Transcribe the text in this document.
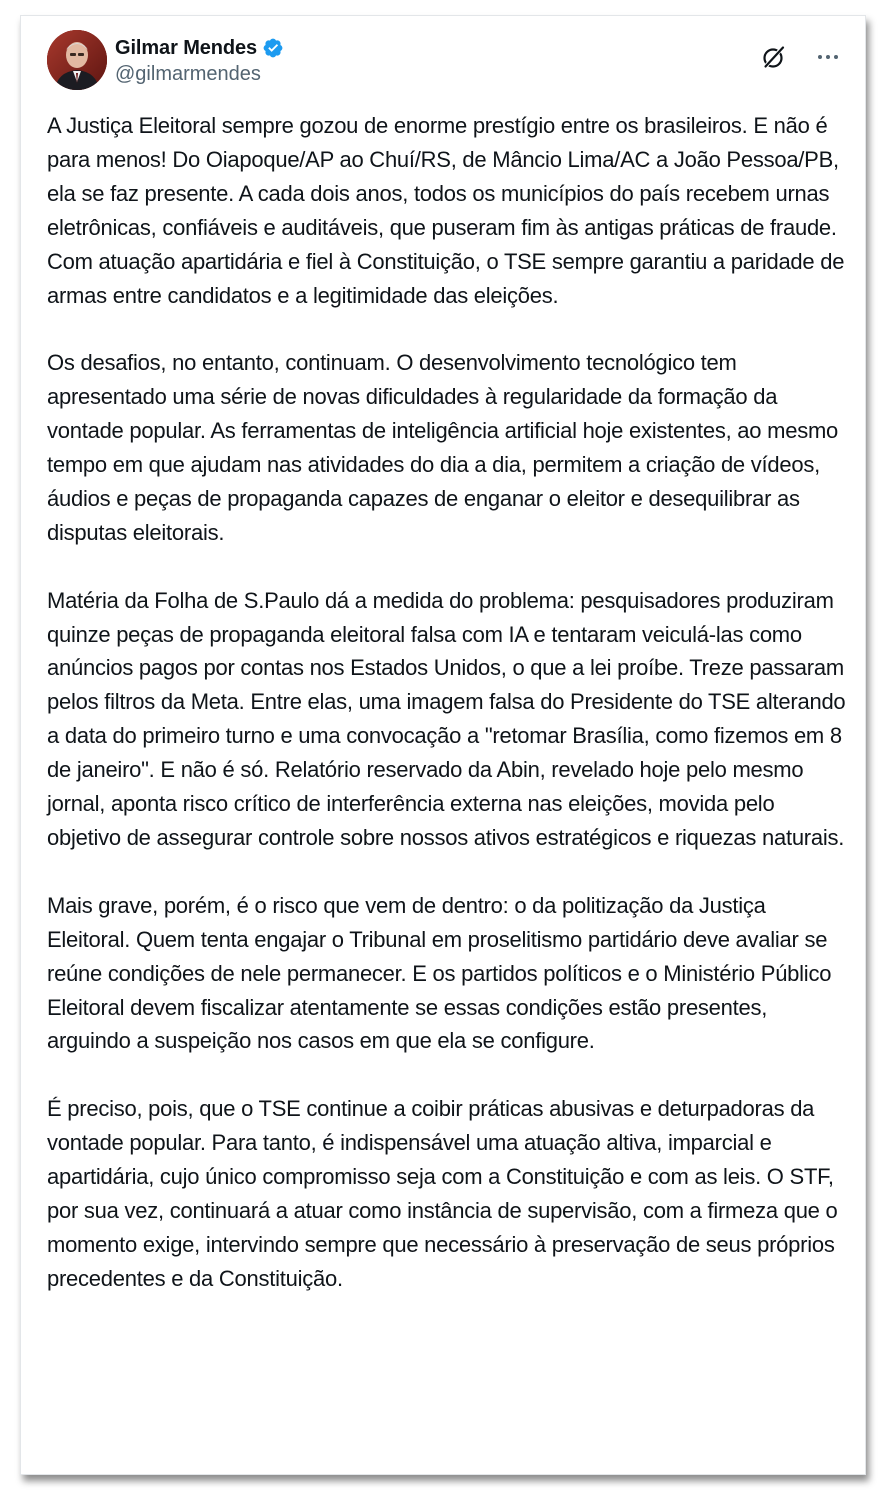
Gilmar Mendes
@gilmarmendes

A Justiça Eleitoral sempre gozou de enorme prestígio entre os brasileiros. E não é para menos! Do Oiapoque/AP ao Chuí/RS, de Mâncio Lima/AC a João Pessoa/PB, ela se faz presente. A cada dois anos, todos os municípios do país recebem urnas eletrônicas, confiáveis e auditáveis, que puseram fim às antigas práticas de fraude. Com atuação apartidária e fiel à Constituição, o TSE sempre garantiu a paridade de armas entre candidatos e a legitimidade das eleições.

Os desafios, no entanto, continuam. O desenvolvimento tecnológico tem apresentado uma série de novas dificuldades à regularidade da formação da vontade popular. As ferramentas de inteligência artificial hoje existentes, ao mesmo tempo em que ajudam nas atividades do dia a dia, permitem a criação de vídeos, áudios e peças de propaganda capazes de enganar o eleitor e desequilibrar as disputas eleitorais.

Matéria da Folha de S.Paulo dá a medida do problema: pesquisadores produziram quinze peças de propaganda eleitoral falsa com IA e tentaram veiculá-las como anúncios pagos por contas nos Estados Unidos, o que a lei proíbe. Treze passaram pelos filtros da Meta. Entre elas, uma imagem falsa do Presidente do TSE alterando a data do primeiro turno e uma convocação a "retomar Brasília, como fizemos em 8 de janeiro". E não é só. Relatório reservado da Abin, revelado hoje pelo mesmo jornal, aponta risco crítico de interferência externa nas eleições, movida pelo objetivo de assegurar controle sobre nossos ativos estratégicos e riquezas naturais.

Mais grave, porém, é o risco que vem de dentro: o da politização da Justiça Eleitoral. Quem tenta engajar o Tribunal em proselitismo partidário deve avaliar se reúne condições de nele permanecer. E os partidos políticos e o Ministério Público Eleitoral devem fiscalizar atentamente se essas condições estão presentes, arguindo a suspeição nos casos em que ela se configure.

É preciso, pois, que o TSE continue a coibir práticas abusivas e deturpadoras da vontade popular. Para tanto, é indispensável uma atuação altiva, imparcial e apartidária, cujo único compromisso seja com a Constituição e com as leis. O STF, por sua vez, continuará a atuar como instância de supervisão, com a firmeza que o momento exige, intervindo sempre que necessário à preservação de seus próprios precedentes e da Constituição.
